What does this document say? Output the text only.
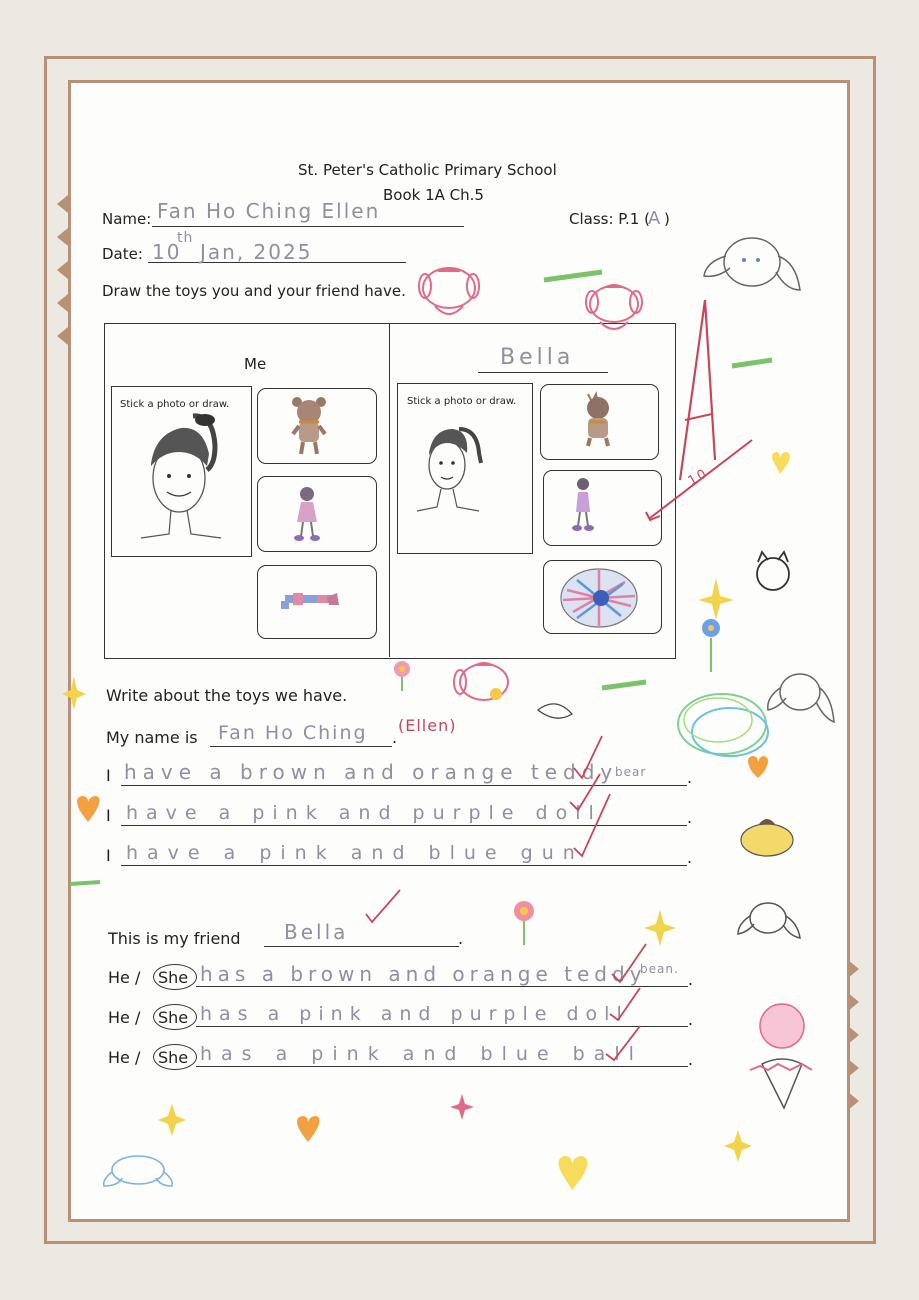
St. Peter's Catholic Primary School
Book 1A Ch.5
Name: Fan Ho Ching Ellen	Class: P.1 (
A )
Date: 10
th
Jan, 2025
Draw the toys you and your friend have.
Me	Bella
Stick a photo or draw.	Stick a photo or draw.
10
Write about the toys we have.
My name is Fan Ho Ching .
(Ellen)
I have a brown and orange teddy
bear	.
I have a pink and purple doll	.
I have a pink and blue gun	.
This is my friend Bella	.
He / She has a brown and orange teddy
bean.
.
He / She has a pink and purple doll	.
He / She has a pink and blue ball	.
